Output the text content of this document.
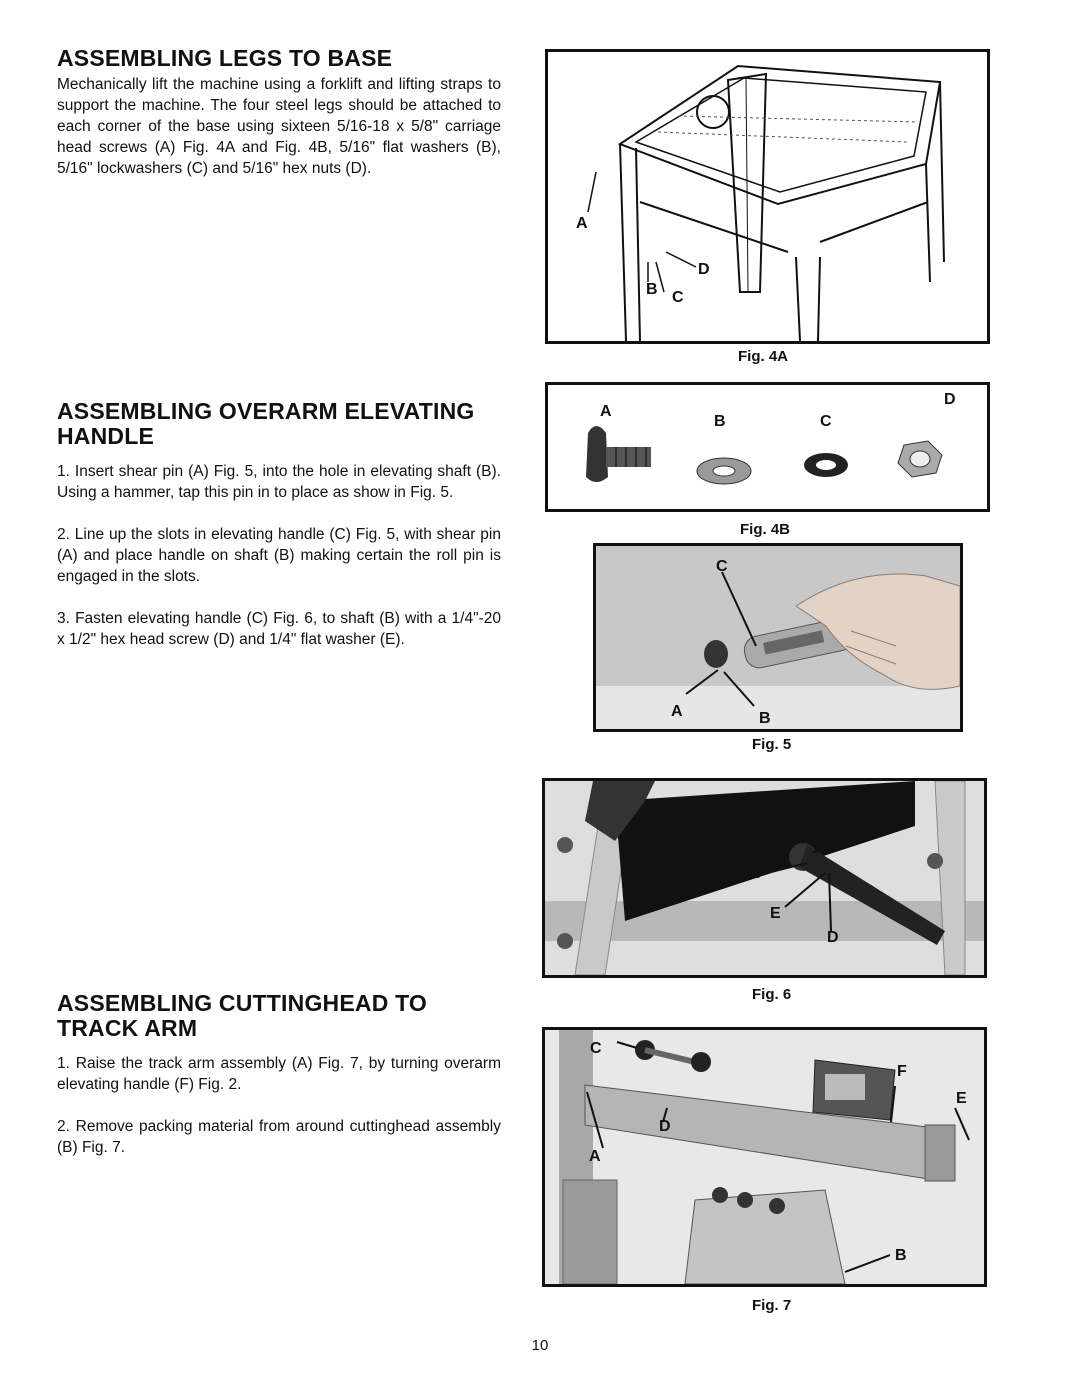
ASSEMBLING LEGS TO BASE

Mechanically lift the machine using a forklift and lifting straps to support the machine. The four steel legs should be attached to each corner of the base using sixteen 5/16-18 x 5/8" carriage head screws (A) Fig. 4A and Fig. 4B, 5/16" flat washers (B), 5/16" lockwashers (C) and 5/16" hex nuts (D).

ASSEMBLING OVERARM ELEVATING HANDLE

1. Insert shear pin (A) Fig. 5, into the hole in elevating shaft (B). Using a hammer, tap this pin in to place as show in Fig. 5.

2. Line up the slots in elevating handle (C) Fig. 5, with shear pin (A) and place handle on shaft (B) making certain the roll pin is engaged in the slots.

3. Fasten elevating handle (C) Fig. 6, to shaft (B) with a 1/4"-20 x 1/2" hex head screw (D) and 1/4" flat washer (E).

ASSEMBLING CUTTINGHEAD TO TRACK ARM

1. Raise the track arm assembly (A) Fig. 7, by turning overarm elevating handle (F) Fig. 2.

2. Remove packing material from around cuttinghead assembly (B) Fig. 7.

A
D
B C
Fig. 4A
A
B	C
D
Fig. 4B
C
A	B
Fig. 5
C
B
E
D
Fig. 6
C
F
E
D
A
B
Fig. 7
10
